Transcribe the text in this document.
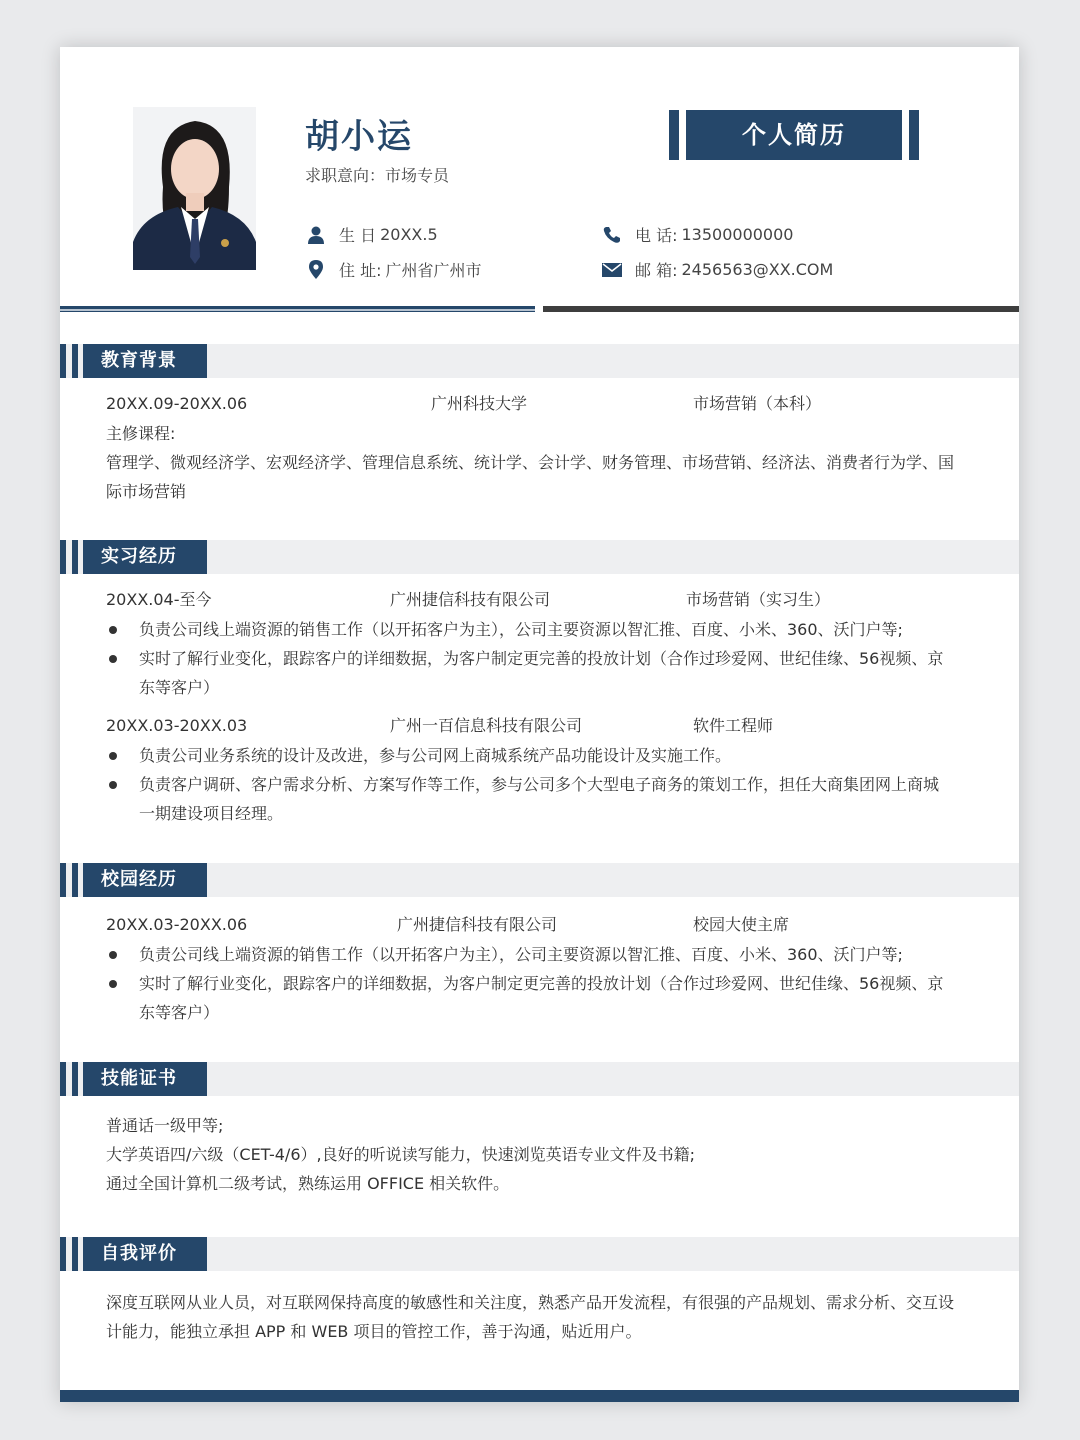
胡小运
求职意向：市场专员
个人简历
生 日 20XX.5
住 址: 广州省广州市
电 话: 13500000000
邮 箱: 2456563@XX.COM
教育背景
20XX.09-20XX.06	广州科技大学	市场营销（本科）
主修课程:
管理学、微观经济学、宏观经济学、管理信息系统、统计学、会计学、财务管理、市场营销、经济法、消费者行为学、国际市场营销
实习经历
20XX.04-至今	广州捷信科技有限公司	市场营销（实习生）
负责公司线上端资源的销售工作（以开拓客户为主），公司主要资源以智汇推、百度、小米、360、沃门户等;
实时了解行业变化，跟踪客户的详细数据，为客户制定更完善的投放计划（合作过珍爱网、世纪佳缘、56视频、京东等客户）
20XX.03-20XX.03	广州一百信息科技有限公司	软件工程师
负责公司业务系统的设计及改进，参与公司网上商城系统产品功能设计及实施工作。
负责客户调研、客户需求分析、方案写作等工作，参与公司多个大型电子商务的策划工作，担任大商集团网上商城一期建设项目经理。
校园经历
20XX.03-20XX.06	广州捷信科技有限公司	校园大使主席
负责公司线上端资源的销售工作（以开拓客户为主），公司主要资源以智汇推、百度、小米、360、沃门户等;
实时了解行业变化，跟踪客户的详细数据，为客户制定更完善的投放计划（合作过珍爱网、世纪佳缘、56视频、京东等客户）
技能证书
普通话一级甲等;
大学英语四/六级（CET-4/6）,良好的听说读写能力，快速浏览英语专业文件及书籍;
通过全国计算机二级考试，熟练运用 OFFICE 相关软件。
自我评价
深度互联网从业人员，对互联网保持高度的敏感性和关注度，熟悉产品开发流程，有很强的产品规划、需求分析、交互设计能力，能独立承担 APP 和 WEB 项目的管控工作，善于沟通，贴近用户。
